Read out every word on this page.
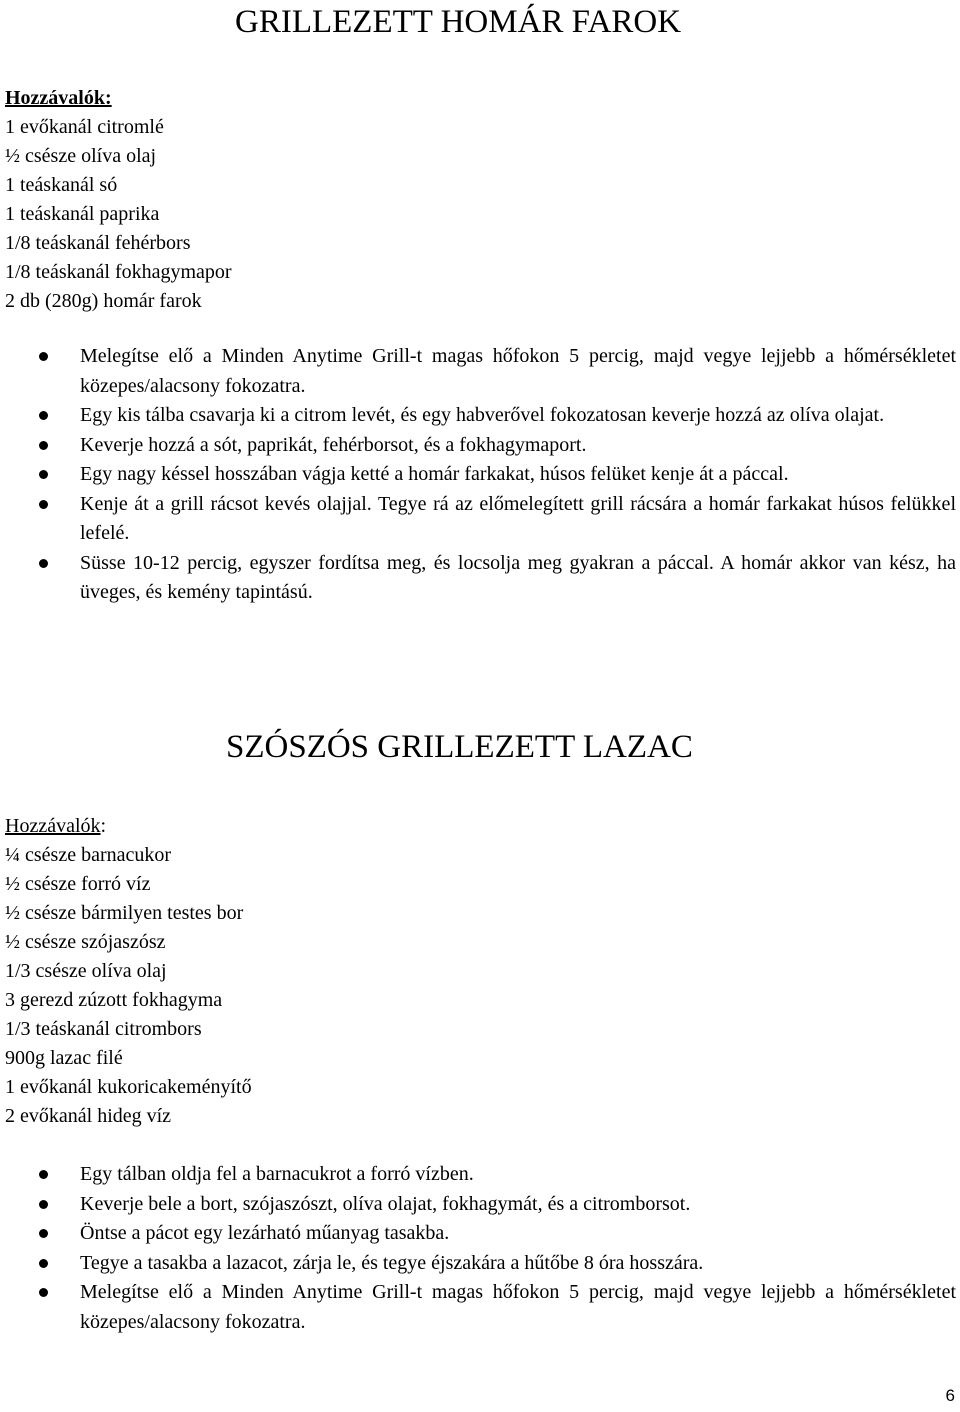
GRILLEZETT HOMÁR FAROK
Hozzávalók:
1 evőkanál citromlé
½ csésze olíva olaj
1 teáskanál só
1 teáskanál paprika
1/8 teáskanál fehérbors
1/8 teáskanál fokhagymapor
2 db (280g) homár farok
Melegítse elő a Minden Anytime Grill-t magas hőfokon 5 percig, majd vegye lejjebb a hőmérsékletet közepes/alacsony fokozatra.
Egy kis tálba csavarja ki a citrom levét, és egy habverővel fokozatosan keverje hozzá az olíva olajat.
Keverje hozzá a sót, paprikát, fehérborsot, és a fokhagymaport.
Egy nagy késsel hosszában vágja ketté a homár farkakat, húsos felüket kenje át a páccal.
Kenje át a grill rácsot kevés olajjal. Tegye rá az előmelegített grill rácsára a homár farkakat húsos felükkel lefelé.
Süsse 10-12 percig, egyszer fordítsa meg, és locsolja meg gyakran a páccal. A homár akkor van kész, ha üveges, és kemény tapintású.
SZÓSZÓS GRILLEZETT LAZAC
Hozzávalók:
¼ csésze barnacukor
½ csésze forró víz
½ csésze bármilyen testes bor
½ csésze szójaszósz
1/3 csésze olíva olaj
3 gerezd zúzott fokhagyma
1/3 teáskanál citrombors
900g lazac filé
1 evőkanál kukoricakeményítő
2 evőkanál hideg víz
Egy tálban oldja fel a barnacukrot a forró vízben.
Keverje bele a bort, szójaszószt, olíva olajat, fokhagymát, és a citromborsot.
Öntse a pácot egy lezárható műanyag tasakba.
Tegye a tasakba a lazacot, zárja le, és tegye éjszakára a hűtőbe 8 óra hosszára.
Melegítse elő a Minden Anytime Grill-t magas hőfokon 5 percig, majd vegye lejjebb a hőmérsékletet közepes/alacsony fokozatra.
6
